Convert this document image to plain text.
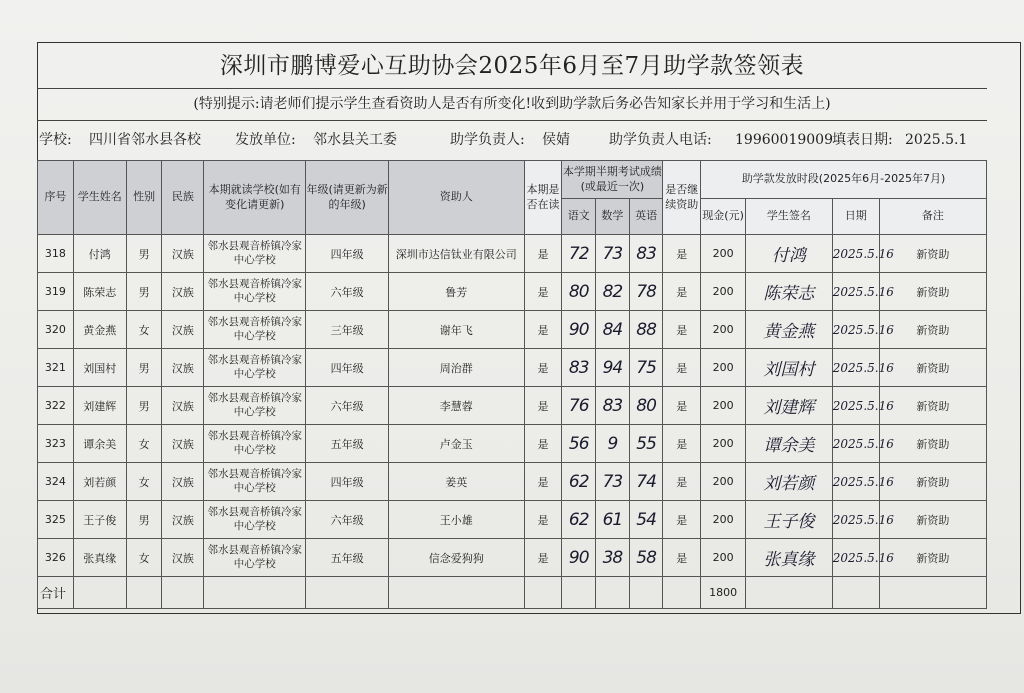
深圳市鹏博爱心互助协会2025年6月至7月助学款签领表
(特别提示:请老师们提示学生查看资助人是否有所变化!收到助学款后务必告知家长并用于学习和生活上)
学校: 四川省邻水县各校 发放单位: 邻水县关工委	助学负责人: 侯婧	助学负责人电话: 19960019009 填表日期: 2025.5.1
序号	学生姓名	性别	民族	本期就读学校(如有变化请更新)	年级(请更新为新的年级)	资助人	本期是否在读	本学期半期考试成绩(或最近一次)			是否继续资助	助学款发放时段(2025年6月-2025年7月)			
								语文	数学	英语		现金(元)	学生签名	日期	备注
318	付鸿	男	汉族	邻水县观音桥镇冷家中心学校	四年级	深圳市达信钛业有限公司	是	72	73	83	是	200	付鸿	2025.5.16	新资助
319	陈荣志	男	汉族	邻水县观音桥镇冷家中心学校	六年级	鲁芳	是	80	82	78	是	200	陈荣志	2025.5.16	新资助
320	黄金燕	女	汉族	邻水县观音桥镇冷家中心学校	三年级	谢年飞	是	90	84	88	是	200	黄金燕	2025.5.16	新资助
321	刘国村	男	汉族	邻水县观音桥镇冷家中心学校	四年级	周治群	是	83	94	75	是	200	刘国村	2025.5.16	新资助
322	刘建辉	男	汉族	邻水县观音桥镇冷家中心学校	六年级	李慧蓉	是	76	83	80	是	200	刘建辉	2025.5.16	新资助
323	谭余美	女	汉族	邻水县观音桥镇冷家中心学校	五年级	卢金玉	是	56	9	55	是	200	谭余美	2025.5.16	新资助
324	刘若颜	女	汉族	邻水县观音桥镇冷家中心学校	四年级	姜英	是	62	73	74	是	200	刘若颜	2025.5.16	新资助
325	王子俊	男	汉族	邻水县观音桥镇冷家中心学校	六年级	王小雄	是	62	61	54	是	200	王子俊	2025.5.16	新资助
326	张真缘	女	汉族	邻水县观音桥镇冷家中心学校	五年级	信念爱狗狗	是	90	38	58	是	200	张真缘	2025.5.16	新资助
合计												1800			
